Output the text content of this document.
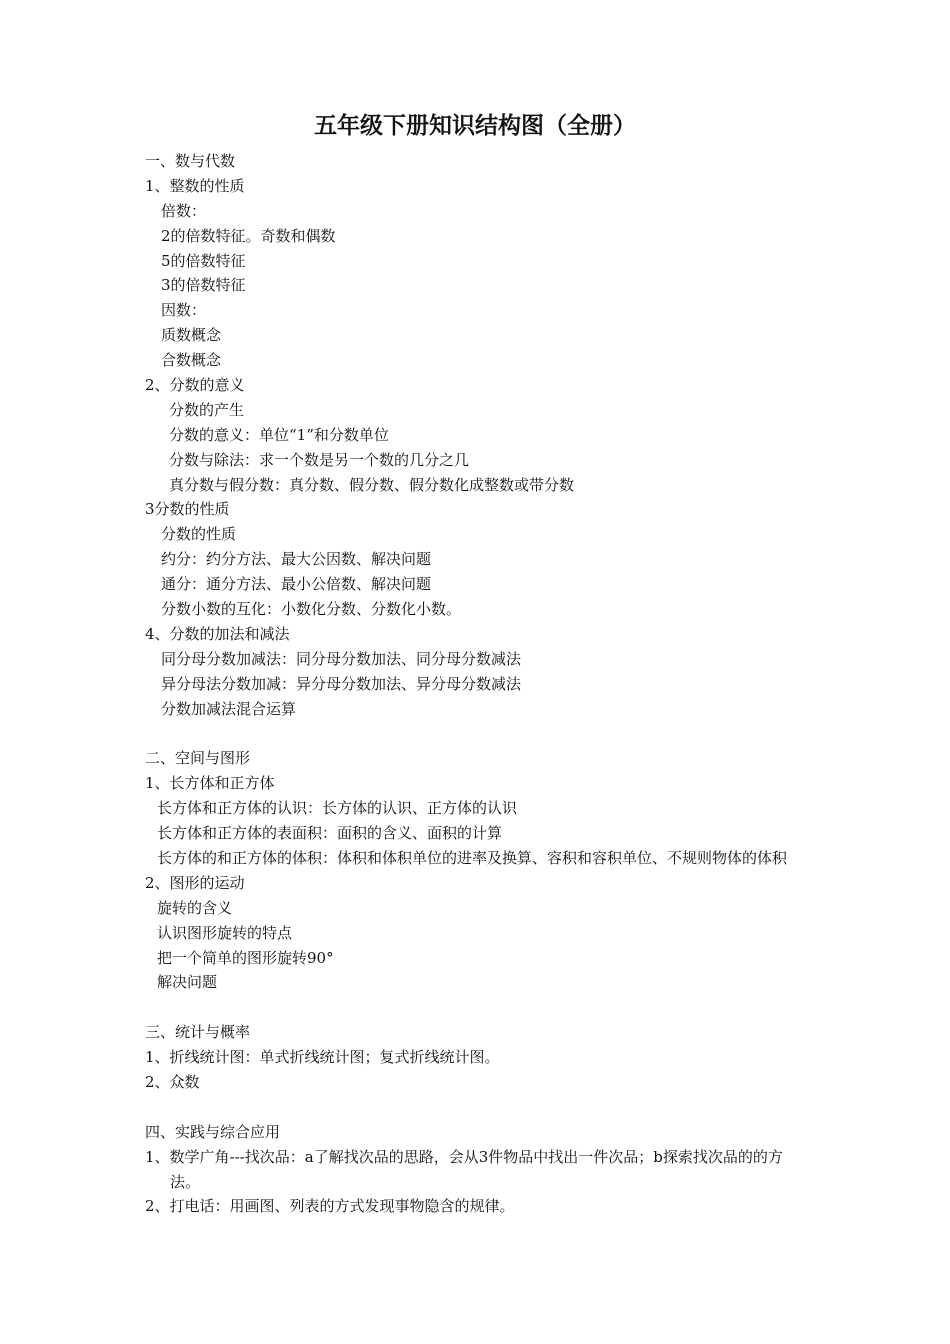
五年级下册知识结构图（全册）
一、数与代数
1、整数的性质
倍数：
2的倍数特征。奇数和偶数
5的倍数特征
3的倍数特征
因数：
质数概念
合数概念
2、分数的意义
分数的产生
分数的意义：单位“1”和分数单位
分数与除法：求一个数是另一个数的几分之几
真分数与假分数：真分数、假分数、假分数化成整数或带分数
3分数的性质
分数的性质
约分：约分方法、最大公因数、解决问题
通分：通分方法、最小公倍数、解决问题
分数小数的互化：小数化分数、分数化小数。
4、分数的加法和减法
同分母分数加减法：同分母分数加法、同分母分数减法
异分母法分数加减：异分母分数加法、异分母分数减法
分数加减法混合运算
二、空间与图形
1、长方体和正方体
长方体和正方体的认识：长方体的认识、正方体的认识
长方体和正方体的表面积：面积的含义、面积的计算
长方体的和正方体的体积：体积和体积单位的进率及换算、容积和容积单位、不规则物体的体积
2、图形的运动
旋转的含义
认识图形旋转的特点
把一个简单的图形旋转90°
解决问题
三、统计与概率
1、折线统计图：单式折线统计图；复式折线统计图。
2、众数
四、实践与综合应用
1、数学广角---找次品：a了解找次品的思路，会从3件物品中找出一件次品；b探索找次品的的方法。
2、打电话：用画图、列表的方式发现事物隐含的规律。
